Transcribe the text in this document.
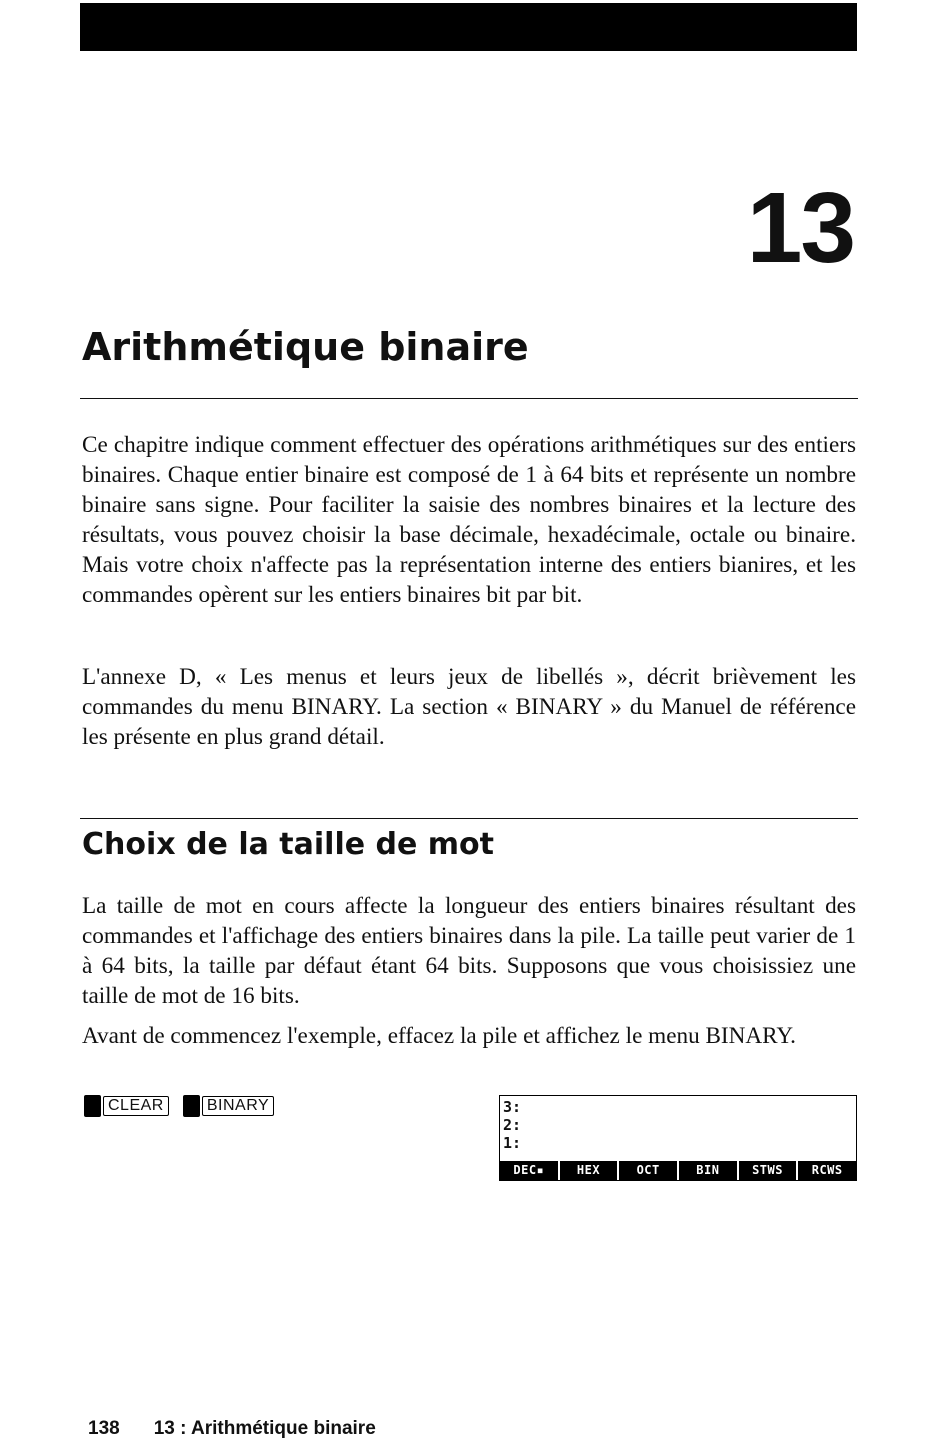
13
Arithmétique binaire

Ce chapitre indique comment effectuer des opérations arithmétiques sur des entiers binaires. Chaque entier binaire est composé de 1 à 64 bits et représente un nombre binaire sans signe. Pour faciliter la saisie des nombres binaires et la lecture des résultats, vous pouvez choisir la base décimale, hexadécimale, octale ou binaire. Mais votre choix n'affecte pas la représentation interne des entiers bianires, et les commandes opèrent sur les entiers binaires bit par bit.

L'annexe D, « Les menus et leurs jeux de libellés », décrit brièvement les commandes du menu BINARY. La section « BINARY » du Manuel de référence les présente en plus grand détail.

Choix de la taille de mot

La taille de mot en cours affecte la longueur des entiers binaires résultant des commandes et l'affichage des entiers binaires dans la pile. La taille peut varier de 1 à 64 bits, la taille par défaut étant 64 bits. Supposons que vous choisissiez une taille de mot de 16 bits.

Avant de commencez l'exemple, effacez la pile et affichez le menu BINARY.

CLEAR	BINARY	3:
2:
1:
DEC▪	HEX	OCT	BIN	STWS	RCWS

138 13 : Arithmétique binaire
